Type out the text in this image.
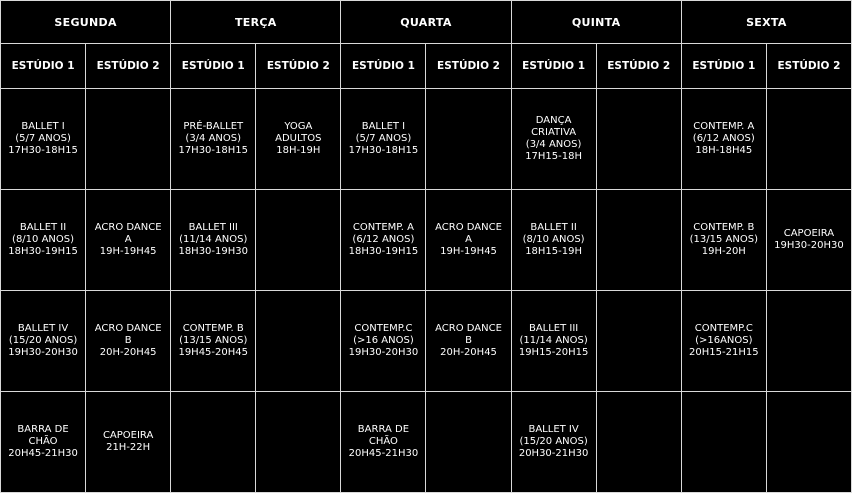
SEGUNDA		TERÇA		QUARTA		QUINTA		SEXTA	
ESTÚDIO 1	ESTÚDIO 2	ESTÚDIO 1	ESTÚDIO 2	ESTÚDIO 1	ESTÚDIO 2	ESTÚDIO 1	ESTÚDIO 2	ESTÚDIO 1	ESTÚDIO 2

BALLET I
(5/7 ANOS)
17H30-18H15		PRÉ-BALLET
(3/4 ANOS)
17H30-18H15	YOGA
ADULTOS
18H-19H	BALLET I
(5/7 ANOS)
17H30-18H15		DANÇA
CRIATIVA
(3/4 ANOS)
17H15-18H		CONTEMP. A
(6/12 ANOS)
18H-18H45	

BALLET II
(8/10 ANOS)
18H30-19H15	ACRO DANCE
A
19H-19H45	BALLET III
(11/14 ANOS)
18H30-19H30		CONTEMP. A
(6/12 ANOS)
18H30-19H15	ACRO DANCE
A
19H-19H45	BALLET II
(8/10 ANOS)
18H15-19H		CONTEMP. B
(13/15 ANOS)
19H-20H	CAPOEIRA
19H30-20H30

BALLET IV
(15/20 ANOS)
19H30-20H30	ACRO DANCE
B
20H-20H45	CONTEMP. B
(13/15 ANOS)
19H45-20H45		CONTEMP.C
(>16 ANOS)
19H30-20H30	ACRO DANCE
B
20H-20H45	BALLET III
(11/14 ANOS)
19H15-20H15		CONTEMP.C
(>16ANOS)
20H15-21H15	

BARRA DE
CHÃO
20H45-21H30	CAPOEIRA
21H-22H			BARRA DE
CHÃO
20H45-21H30		BALLET IV
(15/20 ANOS)
20H30-21H30			
